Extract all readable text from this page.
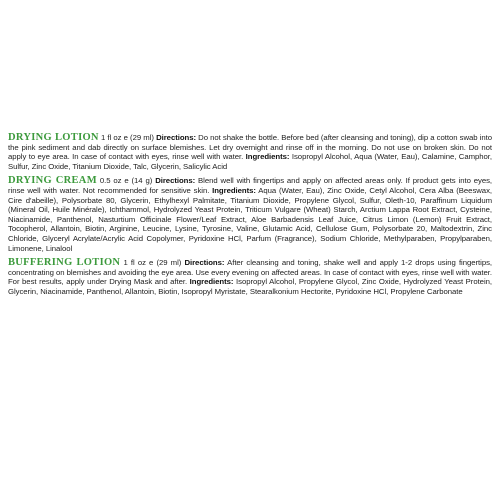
DRYING LOTION 1 fl oz e (29 ml) Directions: Do not shake the bottle. Before bed (after cleansing and toning), dip a cotton swab into the pink sediment and dab directly on surface blemishes. Let dry overnight and rinse off in the morning. Do not use on broken skin. Do not apply to eye area. In case of contact with eyes, rinse well with water. Ingredients: Isopropyl Alcohol, Aqua (Water, Eau), Calamine, Camphor, Sulfur, Zinc Oxide, Titanium Dioxide, Talc, Glycerin, Salicylic Acid

DRYING CREAM 0.5 oz e (14 g) Directions: Blend well with fingertips and apply on affected areas only. If product gets into eyes, rinse well with water. Not recommended for sensitive skin. Ingredients: Aqua (Water, Eau), Zinc Oxide, Cetyl Alcohol, Cera Alba (Beeswax, Cire d'abeille), Polysorbate 80, Glycerin, Ethylhexyl Palmitate, Titanium Dioxide, Propylene Glycol, Sulfur, Oleth-10, Paraffinum Liquidum (Mineral Oil, Huile Minérale), Ichthammol, Hydrolyzed Yeast Protein, Triticum Vulgare (Wheat) Starch, Arctium Lappa Root Extract, Cysteine, Niacinamide, Panthenol, Nasturtium Officinale Flower/Leaf Extract, Aloe Barbadensis Leaf Juice, Citrus Limon (Lemon) Fruit Extract, Tocopherol, Allantoin, Biotin, Arginine, Leucine, Lysine, Tyrosine, Valine, Glutamic Acid, Cellulose Gum, Polysorbate 20, Maltodextrin, Zinc Chloride, Glyceryl Acrylate/Acrylic Acid Copolymer, Pyridoxine HCl, Parfum (Fragrance), Sodium Chloride, Methylparaben, Propylparaben, Limonene, Linalool

BUFFERING LOTION 1 fl oz e (29 ml) Directions: After cleansing and toning, shake well and apply 1-2 drops using fingertips, concentrating on blemishes and avoiding the eye area. Use every evening on affected areas. In case of contact with eyes, rinse well with water. For best results, apply under Drying Mask and after. Ingredients: Isopropyl Alcohol, Propylene Glycol, Zinc Oxide, Hydrolyzed Yeast Protein, Glycerin, Niacinamide, Panthenol, Allantoin, Biotin, Isopropyl Myristate, Stearalkonium Hectorite, Pyridoxine HCl, Propylene Carbonate
